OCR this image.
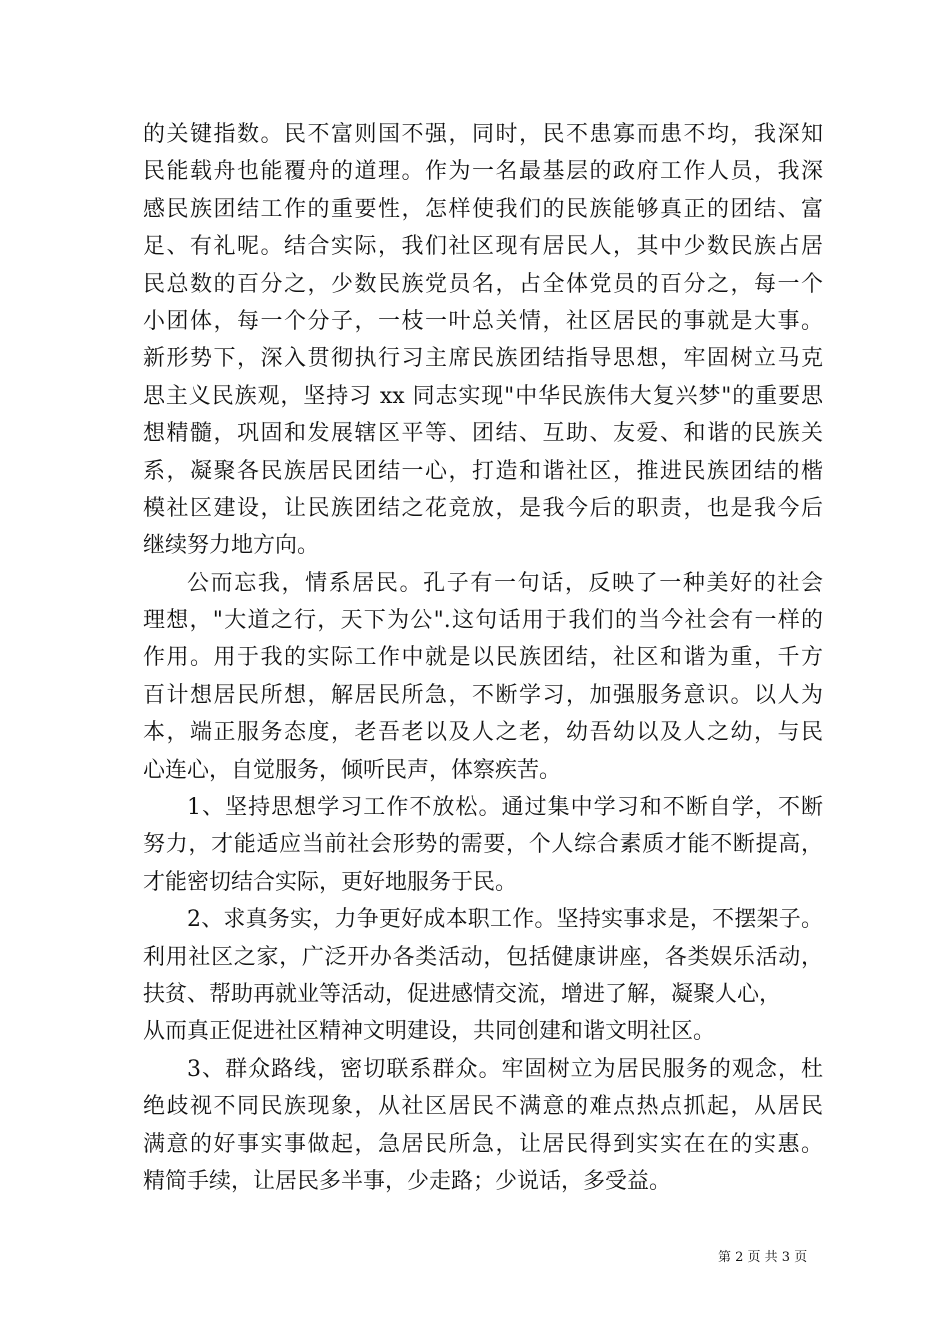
的关键指数。民不富则国不强，同时，民不患寡而患不均，我深知
民能载舟也能覆舟的道理。作为一名最基层的政府工作人员，我深
感民族团结工作的重要性，怎样使我们的民族能够真正的团结、富
足、有礼呢。结合实际，我们社区现有居民人，其中少数民族占居
民总数的百分之，少数民族党员名，占全体党员的百分之，每一个
小团体，每一个分子，一枝一叶总关情，社区居民的事就是大事。
新形势下，深入贯彻执行习主席民族团结指导思想，牢固树立马克
思主义民族观，坚持习 xx 同志实现"中华民族伟大复兴梦"的重要思
想精髓，巩固和发展辖区平等、团结、互助、友爱、和谐的民族关
系，凝聚各民族居民团结一心，打造和谐社区，推进民族团结的楷
模社区建设，让民族团结之花竞放，是我今后的职责，也是我今后
继续努力地方向。
公而忘我，情系居民。孔子有一句话，反映了一种美好的社会
理想，"大道之行，天下为公".这句话用于我们的当今社会有一样的
作用。用于我的实际工作中就是以民族团结，社区和谐为重，千方
百计想居民所想，解居民所急，不断学习，加强服务意识。以人为
本，端正服务态度，老吾老以及人之老，幼吾幼以及人之幼，与民
心连心，自觉服务，倾听民声，体察疾苦。
1、坚持思想学习工作不放松。通过集中学习和不断自学，不断
努力，才能适应当前社会形势的需要，个人综合素质才能不断提高，
才能密切结合实际，更好地服务于民。
2、求真务实，力争更好成本职工作。坚持实事求是，不摆架子。
利用社区之家，广泛开办各类活动，包括健康讲座，各类娱乐活动，
扶贫、帮助再就业等活动，促进感情交流，增进了解，凝聚人心，
从而真正促进社区精神文明建设，共同创建和谐文明社区。
3、群众路线，密切联系群众。牢固树立为居民服务的观念，杜
绝歧视不同民族现象，从社区居民不满意的难点热点抓起，从居民
满意的好事实事做起，急居民所急，让居民得到实实在在的实惠。
精简手续，让居民多半事，少走路；少说话，多受益。
第 2 页 共 3 页
